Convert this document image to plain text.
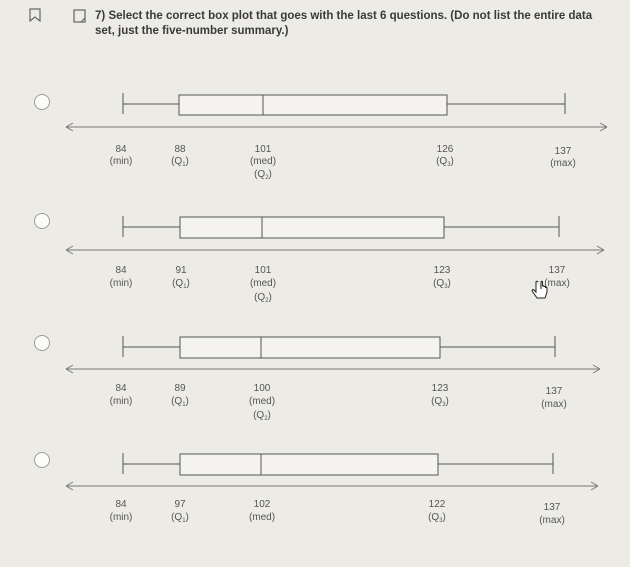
7) Select the correct box plot that goes with the last 6 questions. (Do not list the entire data set, just the five-number summary.)
84
(min)
88
$(Q_1)$
101
(med)
$(Q_2)$
126
$(Q_3)$
137
(max)
84
(min)
91
$(Q_1)$
101
(med)
$(Q_2)$
123
$(Q_3)$
137
(max)
84
(min)
89
$(Q_1)$
100
(med)
$(Q_2)$
123
$(Q_3)$
137
(max)
84
(min)
97
$(Q_1)$
102
(med)
122
$(Q_3)$
137
(max)
